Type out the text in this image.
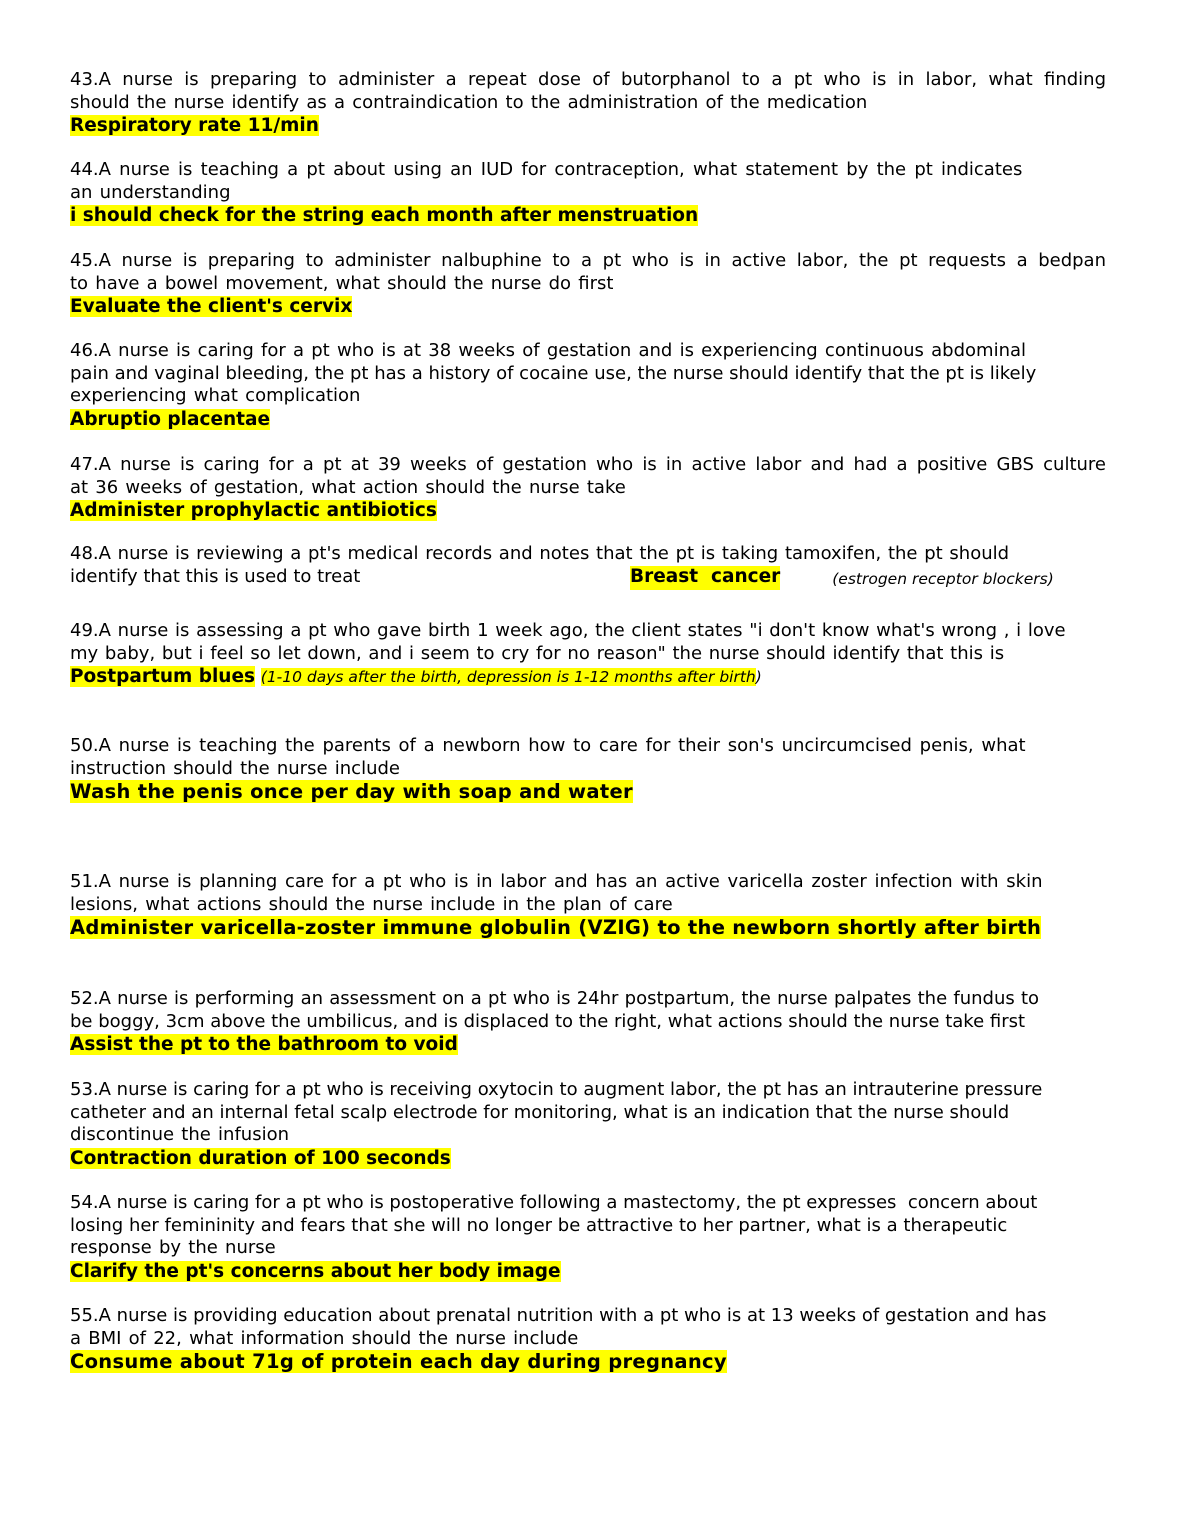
43.A nurse is preparing to administer a repeat dose of butorphanol to a pt who is in labor, what finding
should the nurse identify as a contraindication to the administration of the medication
Respiratory rate 11/min
44.A nurse is teaching a pt about using an IUD for contraception, what statement by the pt indicates
an understanding
i should check for the string each month after menstruation
45.A nurse is preparing to administer nalbuphine to a pt who is in active labor, the pt requests a bedpan
to have a bowel movement, what should the nurse do first
Evaluate the client's cervix
46.A nurse is caring for a pt who is at 38 weeks of gestation and is experiencing continuous abdominal
pain and vaginal bleeding, the pt has a history of cocaine use, the nurse should identify that the pt is likely
experiencing what complication
Abruptio placentae
47.A nurse is caring for a pt at 39 weeks of gestation who is in active labor and had a positive GBS culture
at 36 weeks of gestation, what action should the nurse take
Administer prophylactic antibiotics
48.A nurse is reviewing a pt's medical records and notes that the pt is taking tamoxifen, the pt should
identify that this is used to treat	Breast  cancer	(estrogen receptor blockers)
49.A nurse is assessing a pt who gave birth 1 week ago, the client states "i don't know what's wrong , i love
my baby, but i feel so let down, and i seem to cry for no reason" the nurse should identify that this is
Postpartum blues (1-10 days after the birth, depression is 1-12 months after birth)
50.A nurse is teaching the parents of a newborn how to care for their son's uncircumcised penis, what
instruction should the nurse include
Wash the penis once per day with soap and water
51.A nurse is planning care for a pt who is in labor and has an active varicella zoster infection with skin
lesions, what actions should the nurse include in the plan of care
Administer varicella-zoster immune globulin (VZIG) to the newborn shortly after birth
52.A nurse is performing an assessment on a pt who is 24hr postpartum, the nurse palpates the fundus to
be boggy, 3cm above the umbilicus, and is displaced to the right, what actions should the nurse take first
Assist the pt to the bathroom to void
53.A nurse is caring for a pt who is receiving oxytocin to augment labor, the pt has an intrauterine pressure
catheter and an internal fetal scalp electrode for monitoring, what is an indication that the nurse should
discontinue the infusion
Contraction duration of 100 seconds
54.A nurse is caring for a pt who is postoperative following a mastectomy, the pt expresses  concern about
losing her femininity and fears that she will no longer be attractive to her partner, what is a therapeutic
response by the nurse
Clarify the pt's concerns about her body image
55.A nurse is providing education about prenatal nutrition with a pt who is at 13 weeks of gestation and has
a BMI of 22, what information should the nurse include
Consume about 71g of protein each day during pregnancy
